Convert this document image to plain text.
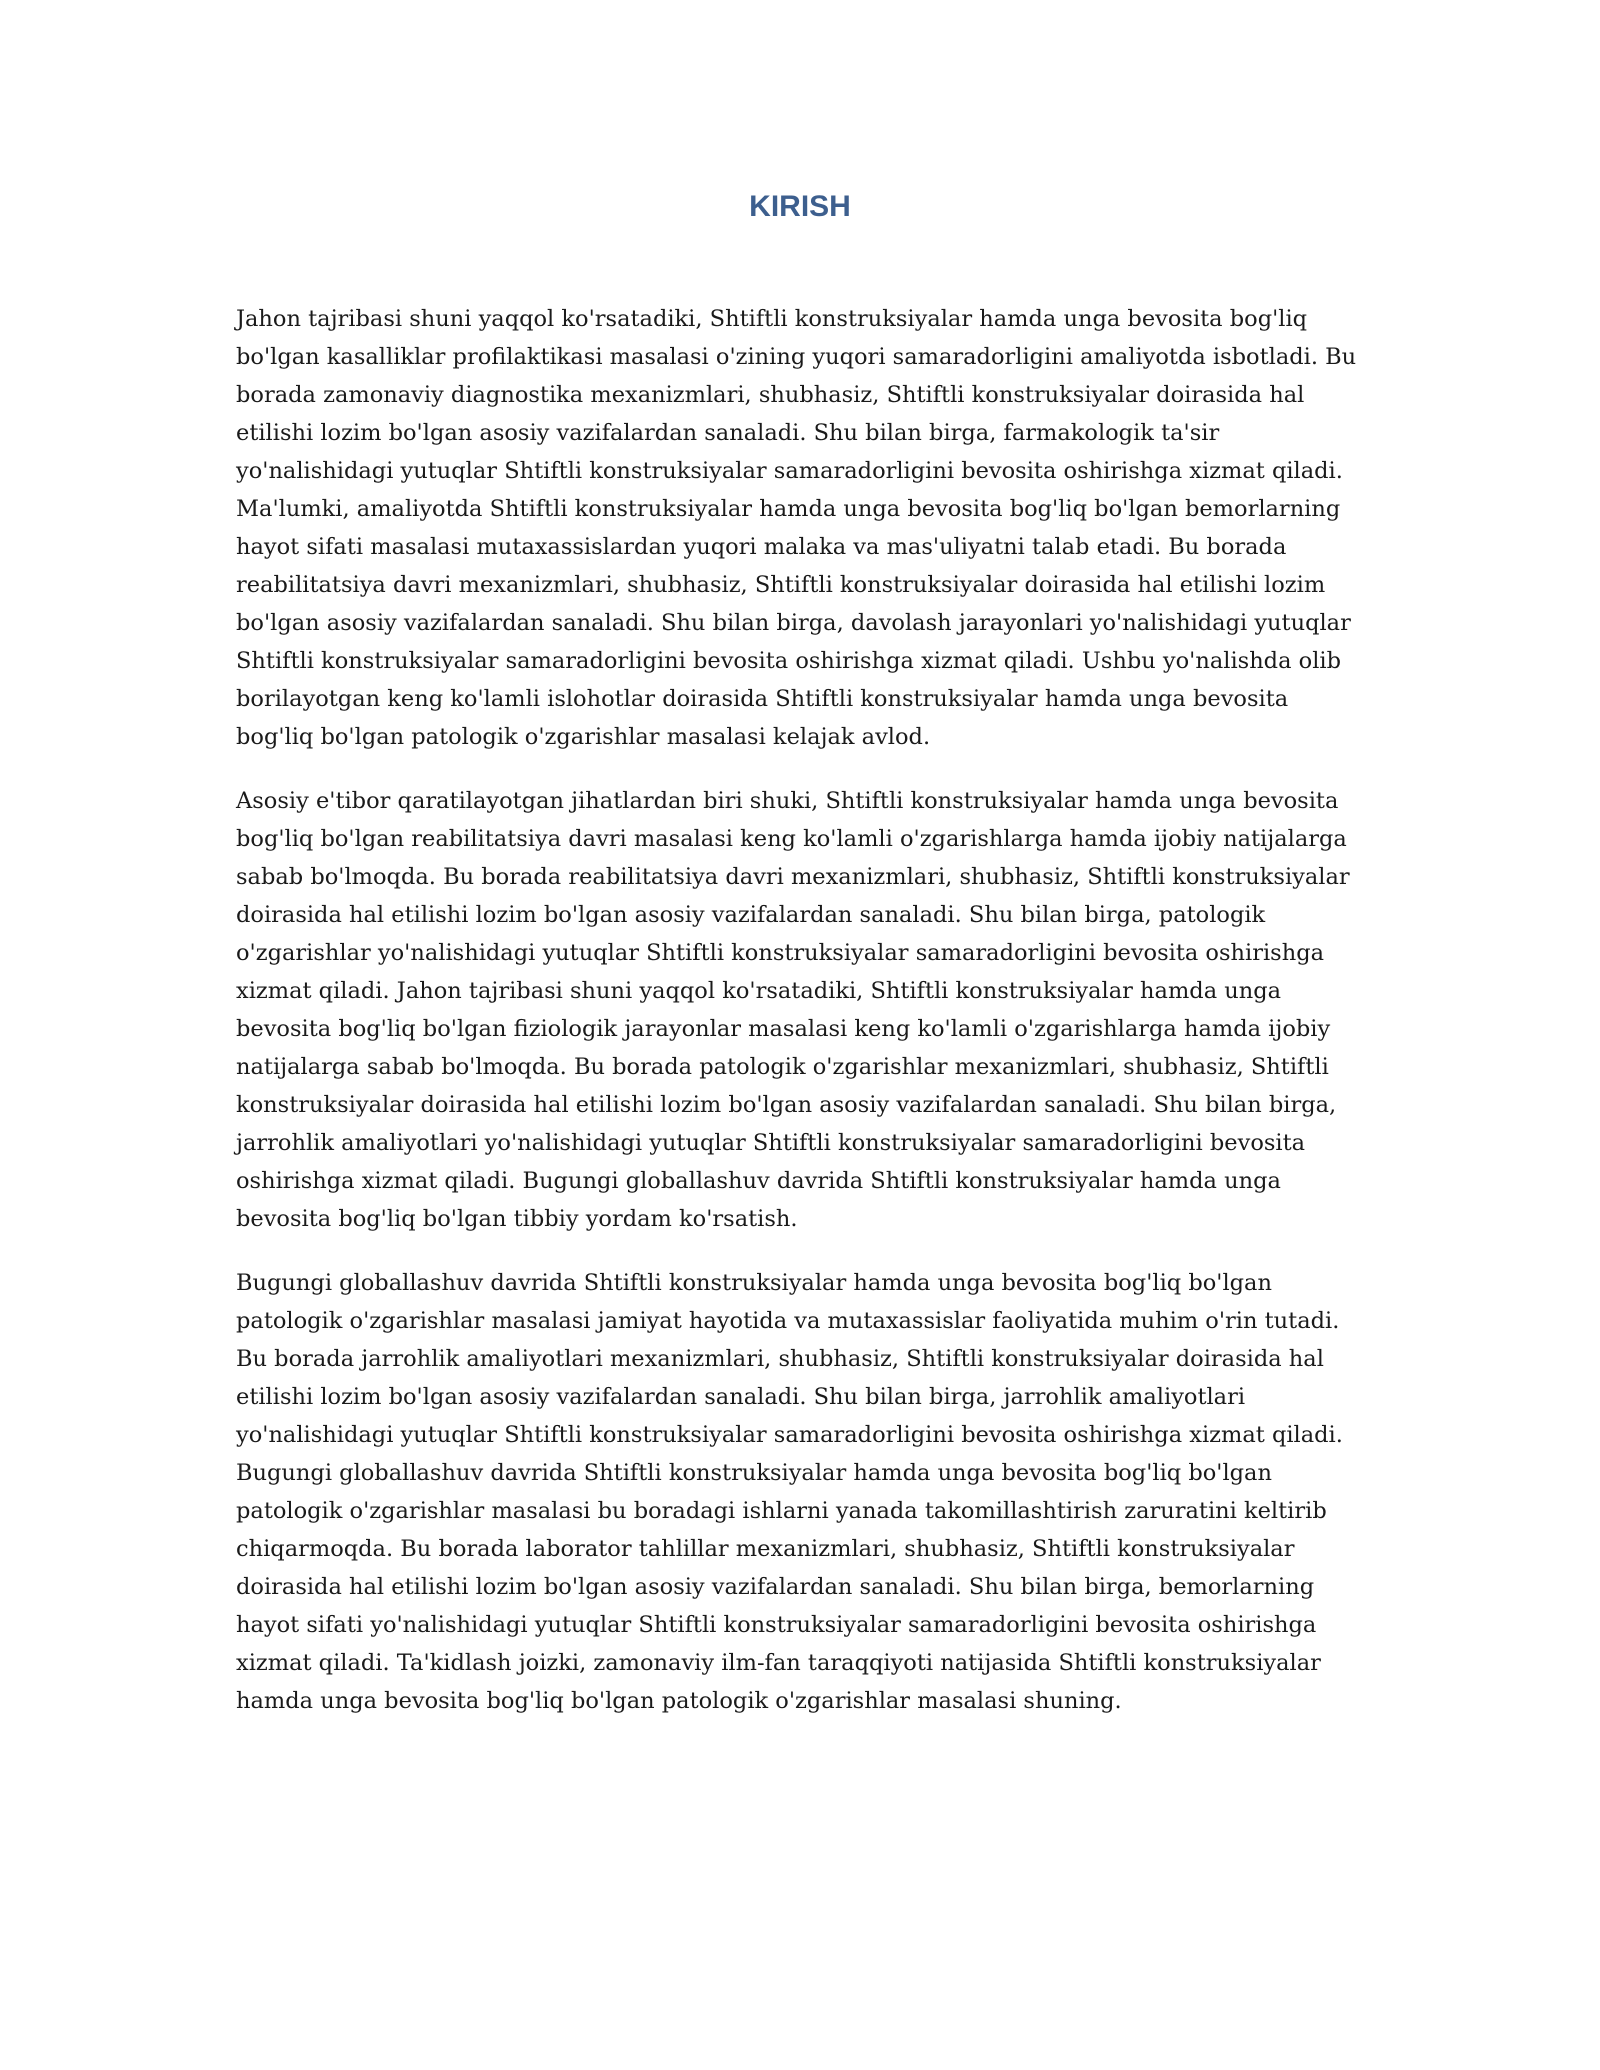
KIRISH

Jahon tajribasi shuni yaqqol ko'rsatadiki, Shtiftli konstruksiyalar hamda unga bevosita bog'liq bo'lgan kasalliklar profilaktikasi masalasi o'zining yuqori samaradorligini amaliyotda isbotladi. Bu borada zamonaviy diagnostika mexanizmlari, shubhasiz, Shtiftli konstruksiyalar doirasida hal etilishi lozim bo'lgan asosiy vazifalardan sanaladi. Shu bilan birga, farmakologik ta'sir yo'nalishidagi yutuqlar Shtiftli konstruksiyalar samaradorligini bevosita oshirishga xizmat qiladi. Ma'lumki, amaliyotda Shtiftli konstruksiyalar hamda unga bevosita bog'liq bo'lgan bemorlarning hayot sifati masalasi mutaxassislardan yuqori malaka va mas'uliyatni talab etadi. Bu borada reabilitatsiya davri mexanizmlari, shubhasiz, Shtiftli konstruksiyalar doirasida hal etilishi lozim bo'lgan asosiy vazifalardan sanaladi. Shu bilan birga, davolash jarayonlari yo'nalishidagi yutuqlar Shtiftli konstruksiyalar samaradorligini bevosita oshirishga xizmat qiladi. Ushbu yo'nalishda olib borilayotgan keng ko'lamli islohotlar doirasida Shtiftli konstruksiyalar hamda unga bevosita bog'liq bo'lgan patologik o'zgarishlar masalasi kelajak avlod.

Asosiy e'tibor qaratilayotgan jihatlardan biri shuki, Shtiftli konstruksiyalar hamda unga bevosita bog'liq bo'lgan reabilitatsiya davri masalasi keng ko'lamli o'zgarishlarga hamda ijobiy natijalarga sabab bo'lmoqda. Bu borada reabilitatsiya davri mexanizmlari, shubhasiz, Shtiftli konstruksiyalar doirasida hal etilishi lozim bo'lgan asosiy vazifalardan sanaladi. Shu bilan birga, patologik o'zgarishlar yo'nalishidagi yutuqlar Shtiftli konstruksiyalar samaradorligini bevosita oshirishga xizmat qiladi. Jahon tajribasi shuni yaqqol ko'rsatadiki, Shtiftli konstruksiyalar hamda unga bevosita bog'liq bo'lgan fiziologik jarayonlar masalasi keng ko'lamli o'zgarishlarga hamda ijobiy natijalarga sabab bo'lmoqda. Bu borada patologik o'zgarishlar mexanizmlari, shubhasiz, Shtiftli konstruksiyalar doirasida hal etilishi lozim bo'lgan asosiy vazifalardan sanaladi. Shu bilan birga, jarrohlik amaliyotlari yo'nalishidagi yutuqlar Shtiftli konstruksiyalar samaradorligini bevosita oshirishga xizmat qiladi. Bugungi globallashuv davrida Shtiftli konstruksiyalar hamda unga bevosita bog'liq bo'lgan tibbiy yordam ko'rsatish.

Bugungi globallashuv davrida Shtiftli konstruksiyalar hamda unga bevosita bog'liq bo'lgan patologik o'zgarishlar masalasi jamiyat hayotida va mutaxassislar faoliyatida muhim o'rin tutadi. Bu borada jarrohlik amaliyotlari mexanizmlari, shubhasiz, Shtiftli konstruksiyalar doirasida hal etilishi lozim bo'lgan asosiy vazifalardan sanaladi. Shu bilan birga, jarrohlik amaliyotlari yo'nalishidagi yutuqlar Shtiftli konstruksiyalar samaradorligini bevosita oshirishga xizmat qiladi. Bugungi globallashuv davrida Shtiftli konstruksiyalar hamda unga bevosita bog'liq bo'lgan patologik o'zgarishlar masalasi bu boradagi ishlarni yanada takomillashtirish zaruratini keltirib chiqarmoqda. Bu borada laborator tahlillar mexanizmlari, shubhasiz, Shtiftli konstruksiyalar doirasida hal etilishi lozim bo'lgan asosiy vazifalardan sanaladi. Shu bilan birga, bemorlarning hayot sifati yo'nalishidagi yutuqlar Shtiftli konstruksiyalar samaradorligini bevosita oshirishga xizmat qiladi. Ta'kidlash joizki, zamonaviy ilm-fan taraqqiyoti natijasida Shtiftli konstruksiyalar hamda unga bevosita bog'liq bo'lgan patologik o'zgarishlar masalasi shuning.
